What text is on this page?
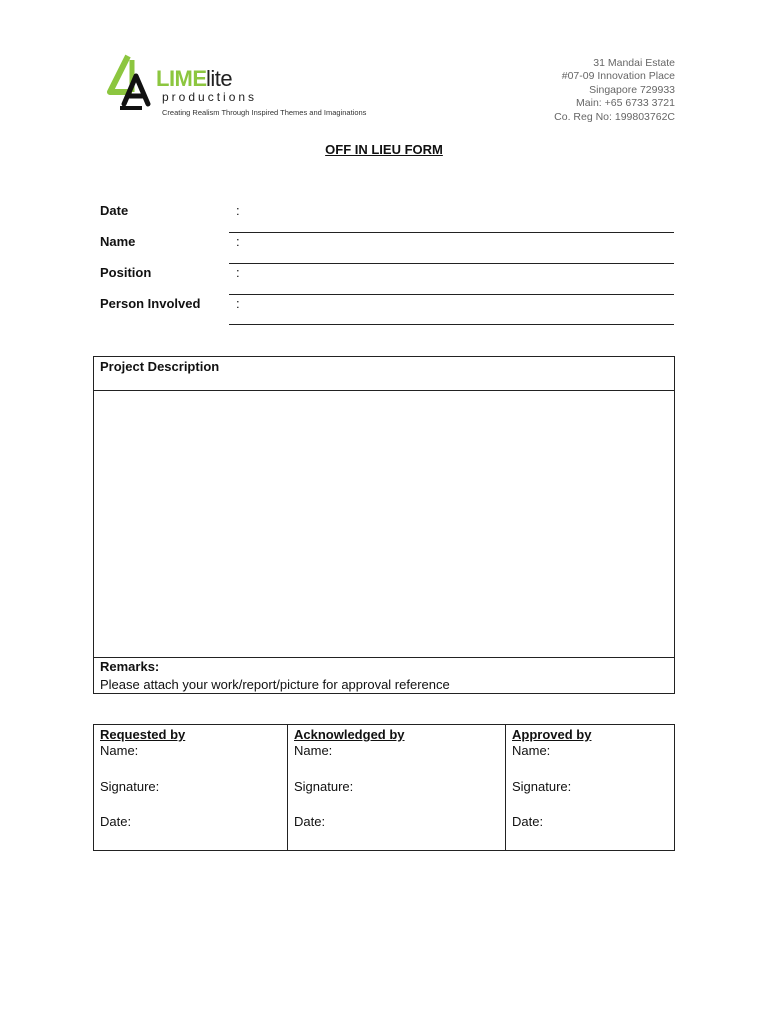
LIME lite
productions
Creating Realism Through Inspired Themes and Imaginations
31 Mandai Estate
#07-09 Innovation Place
Singapore 729933
Main: +65 6733 3721
Co. Reg No: 199803762C
OFF IN LIEU FORM
Date	:
Name	:
Position	:
Person Involved	:
Project Description
Remarks:
Please attach your work/report/picture for approval reference
Requested by
Name:
Signature:
Date:
Acknowledged by
Name:
Signature:
Date:
Approved by
Name:
Signature:
Date:
